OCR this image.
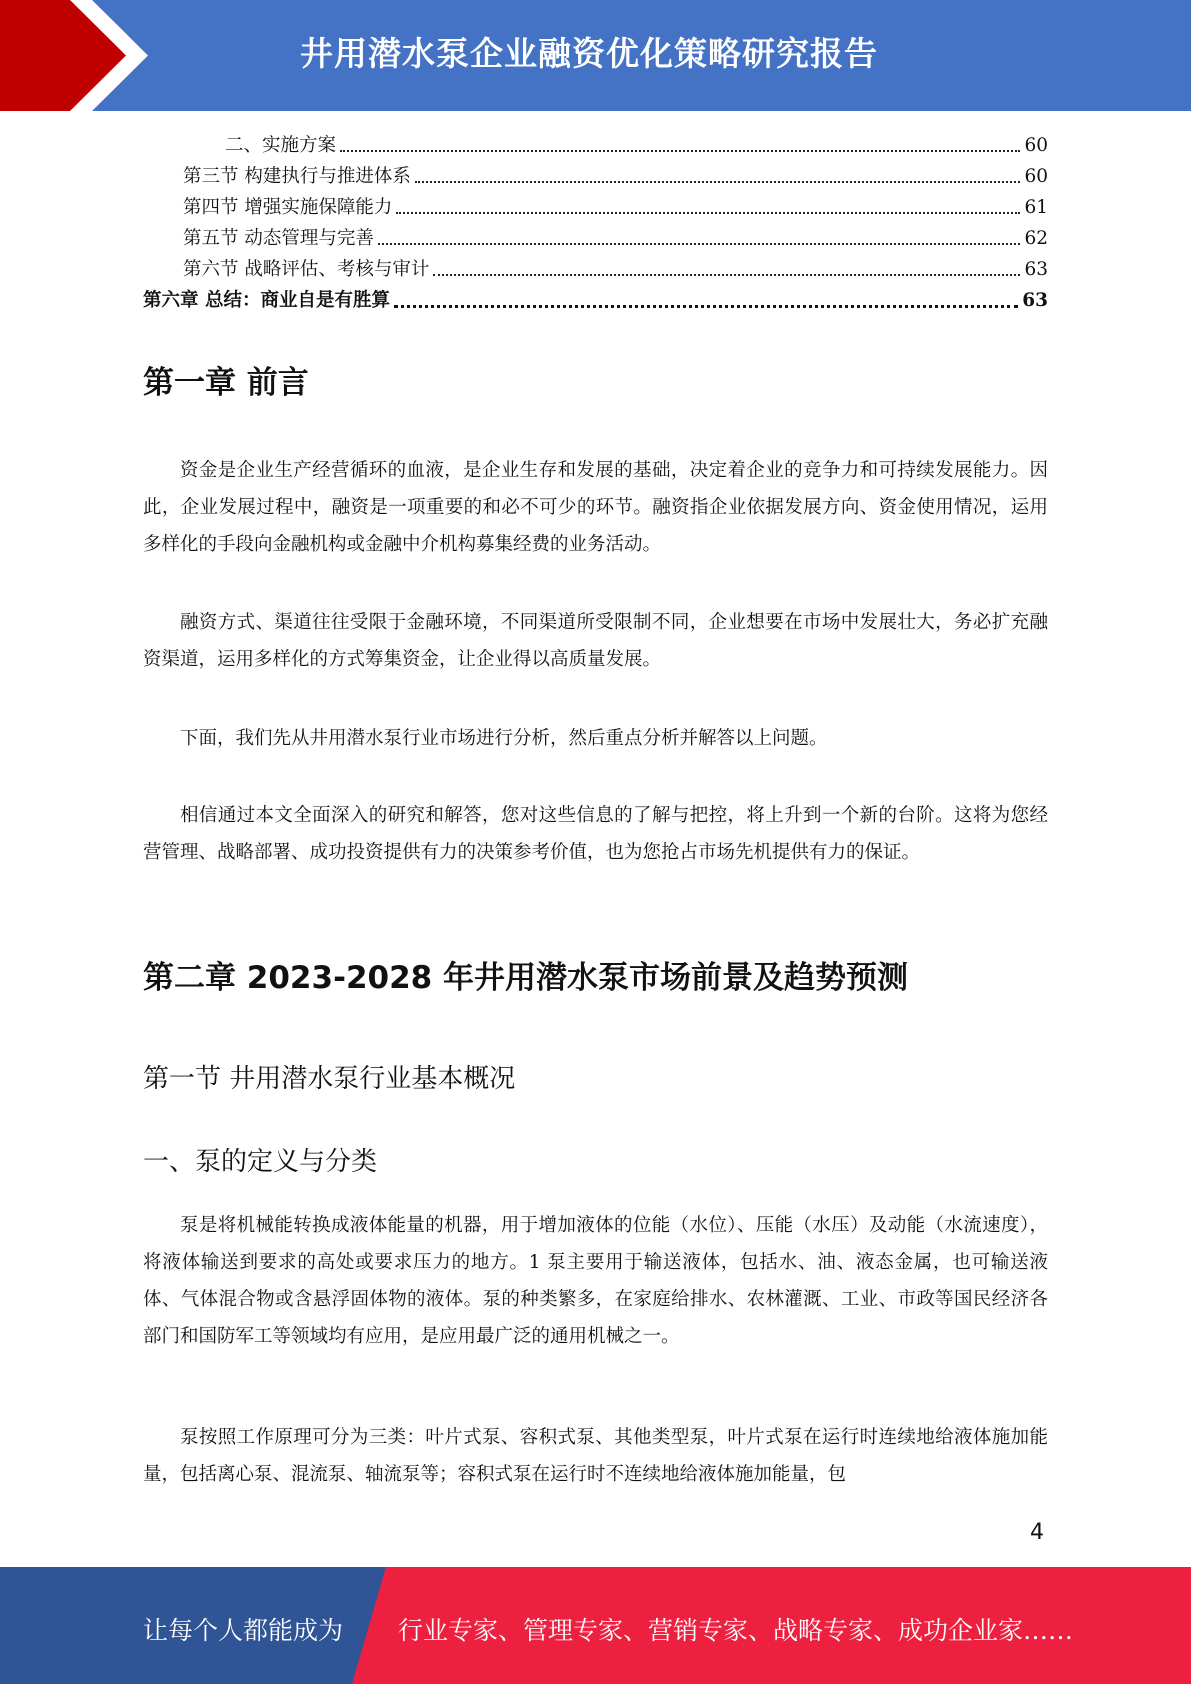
井用潜水泵企业融资优化策略研究报告
二、实施方案	60
第三节 构建执行与推进体系	60
第四节 增强实施保障能力	61
第五节 动态管理与完善	62
第六节 战略评估、考核与审计	63
第六章 总结：商业自是有胜算	63
第一章 前言

资金是企业生产经营循环的血液，是企业生存和发展的基础，决定着企业的竞争力和可持续发展能力。因此，企业发展过程中，融资是一项重要的和必不可少的环节。融资指企业依据发展方向、资金使用情况，运用多样化的手段向金融机构或金融中介机构募集经费的业务活动。

融资方式、渠道往往受限于金融环境，不同渠道所受限制不同，企业想要在市场中发展壮大，务必扩充融资渠道，运用多样化的方式筹集资金，让企业得以高质量发展。

下面，我们先从井用潜水泵行业市场进行分析，然后重点分析并解答以上问题。

相信通过本文全面深入的研究和解答，您对这些信息的了解与把控，将上升到一个新的台阶。这将为您经营管理、战略部署、成功投资提供有力的决策参考价值，也为您抢占市场先机提供有力的保证。

第二章 2023-2028 年井用潜水泵市场前景及趋势预测
第一节 井用潜水泵行业基本概况
一、泵的定义与分类

泵是将机械能转换成液体能量的机器，用于增加液体的位能（水位）、压能（水压）及动能（水流速度），将液体输送到要求的高处或要求压力的地方。1 泵主要用于输送液体，包括水、油、液态金属，也可输送液体、气体混合物或含悬浮固体物的液体。泵的种类繁多，在家庭给排水、农林灌溉、工业、市政等国民经济各部门和国防军工等领域均有应用，是应用最广泛的通用机械之一。

泵按照工作原理可分为三类：叶片式泵、容积式泵、其他类型泵，叶片式泵在运行时连续地给液体施加能量，包括离心泵、混流泵、轴流泵等；容积式泵在运行时不连续地给液体施加能量，包

4
让每个人都能成为 行业专家、管理专家、营销专家、战略专家、成功企业家……
